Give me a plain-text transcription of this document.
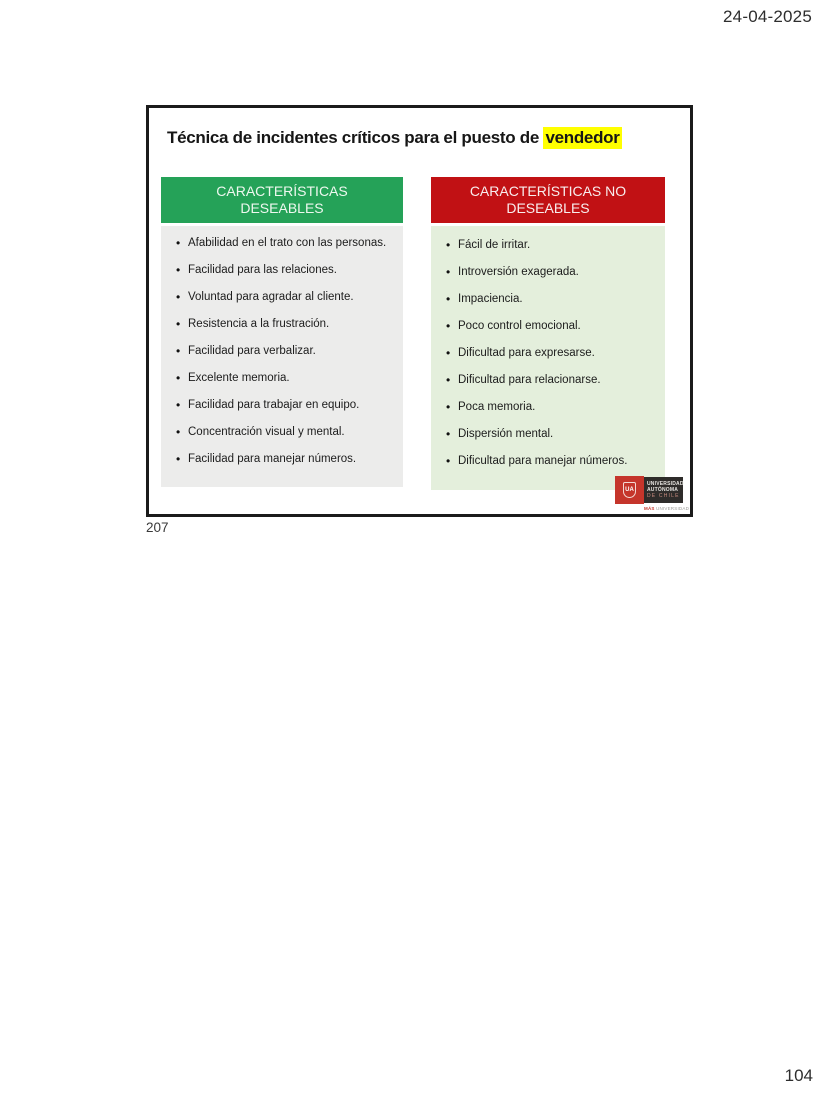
24-04-2025
Técnica de incidentes críticos para el puesto de vendedor
CARACTERÍSTICAS DESEABLES
• Afabilidad en el trato con las personas.
• Facilidad para las relaciones.
• Voluntad para agradar al cliente.
• Resistencia a la frustración.
• Facilidad para verbalizar.
• Excelente memoria.
• Facilidad para trabajar en equipo.
• Concentración visual y mental.
• Facilidad para manejar números.
CARACTERÍSTICAS NO DESEABLES
• Fácil de irritar.
• Introversión exagerada.
• Impaciencia.
• Poco control emocional.
• Dificultad para expresarse.
• Dificultad para relacionarse.
• Poca memoria.
• Dispersión mental.
• Dificultad para manejar números.
UA
UNIVERSIDAD
AUTÓNOMA
DE CHILE
MÁS UNIVERSIDAD
207
104
